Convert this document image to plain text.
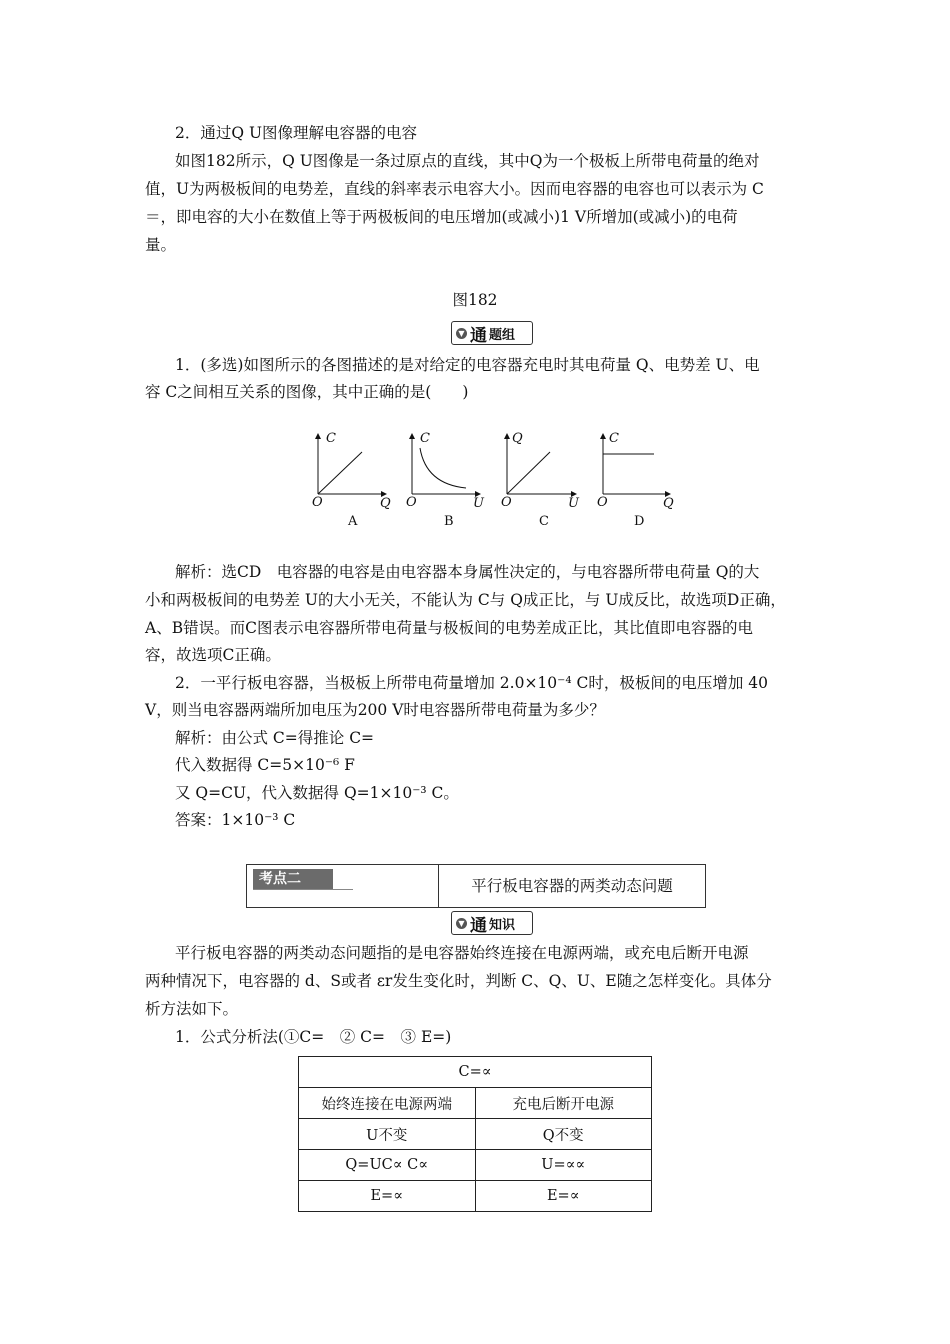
2．通过Q U图像理解电容器的电容
如图182所示，Q U图像是一条过原点的直线，其中Q为一个极板上所带电荷量的绝对
值，U为两极板间的电势差，直线的斜率表示电容大小。因而电容器的电容也可以表示为 C
＝，即电容的大小在数值上等于两极板间的电压增加(或减小)1 V所增加(或减小)的电荷
量。
图182
▼ 通 题组
1．(多选)如图所示的各图描述的是对给定的电容器充电时其电荷量 Q、电势差 U、电
容 C之间相互关系的图像，其中正确的是(　　)
C
O	Q
A
C
O	U
B
Q
O	U
C
C
O	Q
D
解析：选CD　电容器的电容是由电容器本身属性决定的，与电容器所带电荷量 Q的大
小和两极板间的电势差 U的大小无关，不能认为 C与 Q成正比，与 U成反比，故选项D正确，
A、B错误。而C图表示电容器所带电荷量与极板间的电势差成正比，其比值即电容器的电
容，故选项C正确。
2．一平行板电容器，当极板上所带电荷量增加 2.0×10⁻⁴ C时，极板间的电压增加 40
V，则当电容器两端所加电压为200 V时电容器所带电荷量为多少？
解析：由公式 C=得推论 C=
代入数据得 C=5×10⁻⁶ F
又 Q=CU，代入数据得 Q=1×10⁻³ C。
答案：1×10⁻³ C
考点二	平行板电容器的两类动态问题
▼ 通 知识
平行板电容器的两类动态问题指的是电容器始终连接在电源两端，或充电后断开电源
两种情况下，电容器的 d、S或者 εr发生变化时，判断 C、Q、U、E随之怎样变化。具体分
析方法如下。
1．公式分析法(①C=　② C=　③ E=)
C=∝	
始终连接在电源两端	充电后断开电源
U不变	Q不变
Q=UC∝ C∝	U=∝∝
E=∝	E=∝
